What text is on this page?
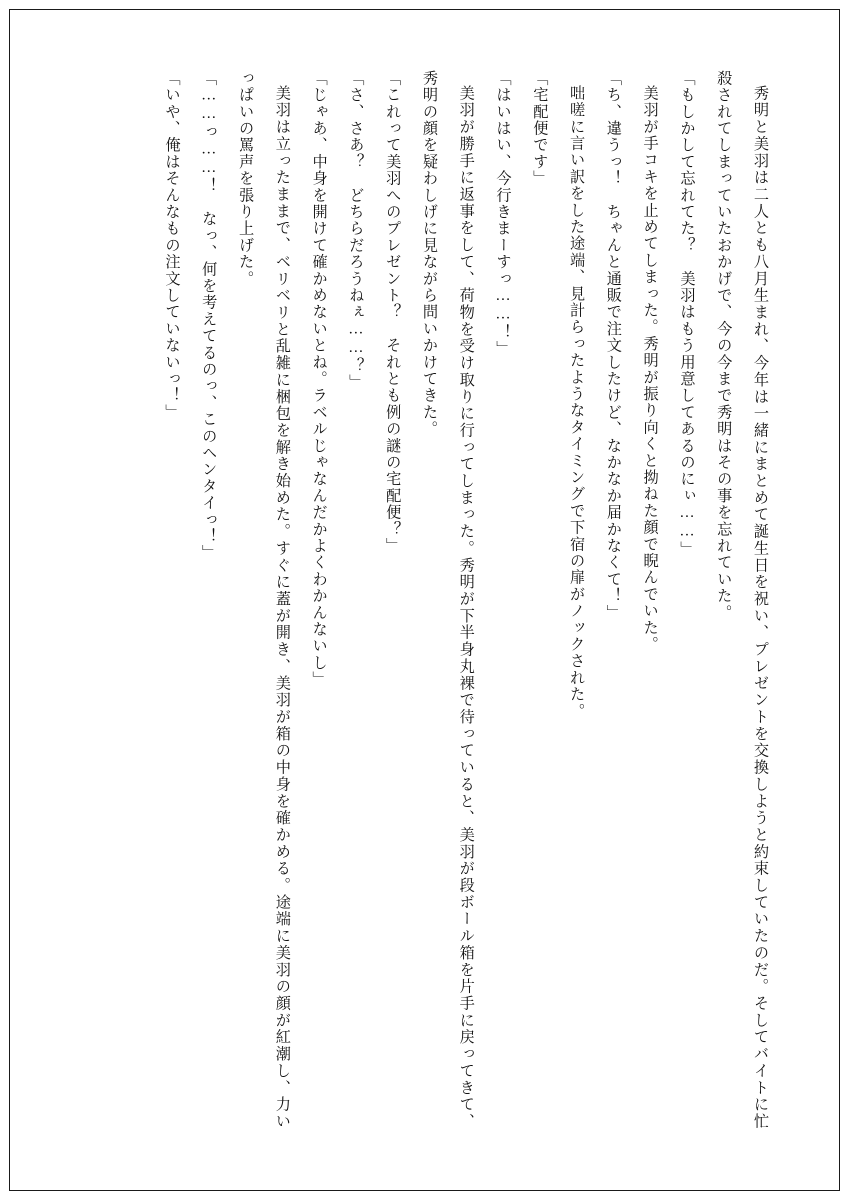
秀明と美羽は二人とも八月生まれ、今年は一緒にまとめて誕生日を祝い、プレゼントを交換しようと約束していたのだ。そしてバイトに忙殺されてしまっていたおかげで、今の今まで秀明はその事を忘れていた。

「もしかして忘れてた？　美羽はもう用意してあるのにぃ……」

美羽が手コキを止めてしまった。秀明が振り向くと拗ねた顔で睨んでいた。

「ち、違うっ！　ちゃんと通販で注文したけど、なかなか届かなくて！」

咄嗟に言い訳をした途端、見計らったようなタイミングで下宿の扉がノックされた。

「宅配便です」

「はいはい、今行きまーすっ……！」

美羽が勝手に返事をして、荷物を受け取りに行ってしまった。秀明が下半身丸裸で待っていると、美羽が段ボール箱を片手に戻ってきて、秀明の顔を疑わしげに見ながら問いかけてきた。

「これって美羽へのプレゼント？　それとも例の謎の宅配便？」

「さ、さあ？　どちらだろうねぇ……？」

「じゃあ、中身を開けて確かめないとね。ラベルじゃなんだかよくわかんないし」

美羽は立ったままで、ベリベリと乱雑に梱包を解き始めた。すぐに蓋が開き、美羽が箱の中身を確かめる。途端に美羽の顔が紅潮し、力いっぱいの罵声を張り上げた。

「……っ……！　なっ、何を考えてるのっ、このヘンタイっ！」

「いや、俺はそんなもの注文していないっ！」
